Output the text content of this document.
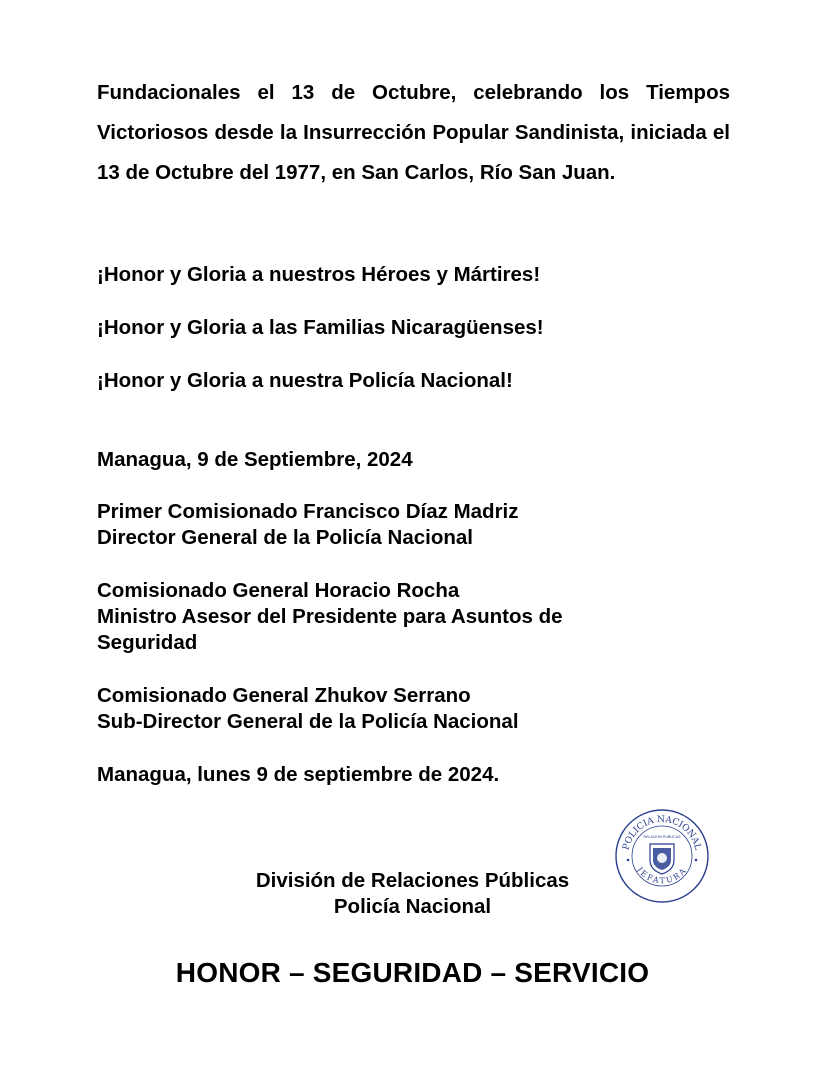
Fundacionales el 13 de Octubre, celebrando los Tiempos Victoriosos desde la Insurrección Popular Sandinista, iniciada el 13 de Octubre del 1977, en San Carlos, Río San Juan.

¡Honor y Gloria a nuestros Héroes y Mártires!

¡Honor y Gloria a las Familias Nicaragüenses!

¡Honor y Gloria a nuestra Policía Nacional!

Managua, 9 de Septiembre, 2024

Primer Comisionado Francisco Díaz Madriz

Director General de la Policía Nacional

Comisionado General Horacio Rocha

Ministro Asesor del Presidente para Asuntos de

Seguridad

Comisionado General Zhukov Serrano

Sub-Director General de la Policía Nacional

Managua, lunes 9 de septiembre de 2024.

POLICIA NACIONAL
JEFATURA
RELACION PUBLICAS
División de Relaciones Públicas
Policía Nacional
HONOR – SEGURIDAD – SERVICIO
